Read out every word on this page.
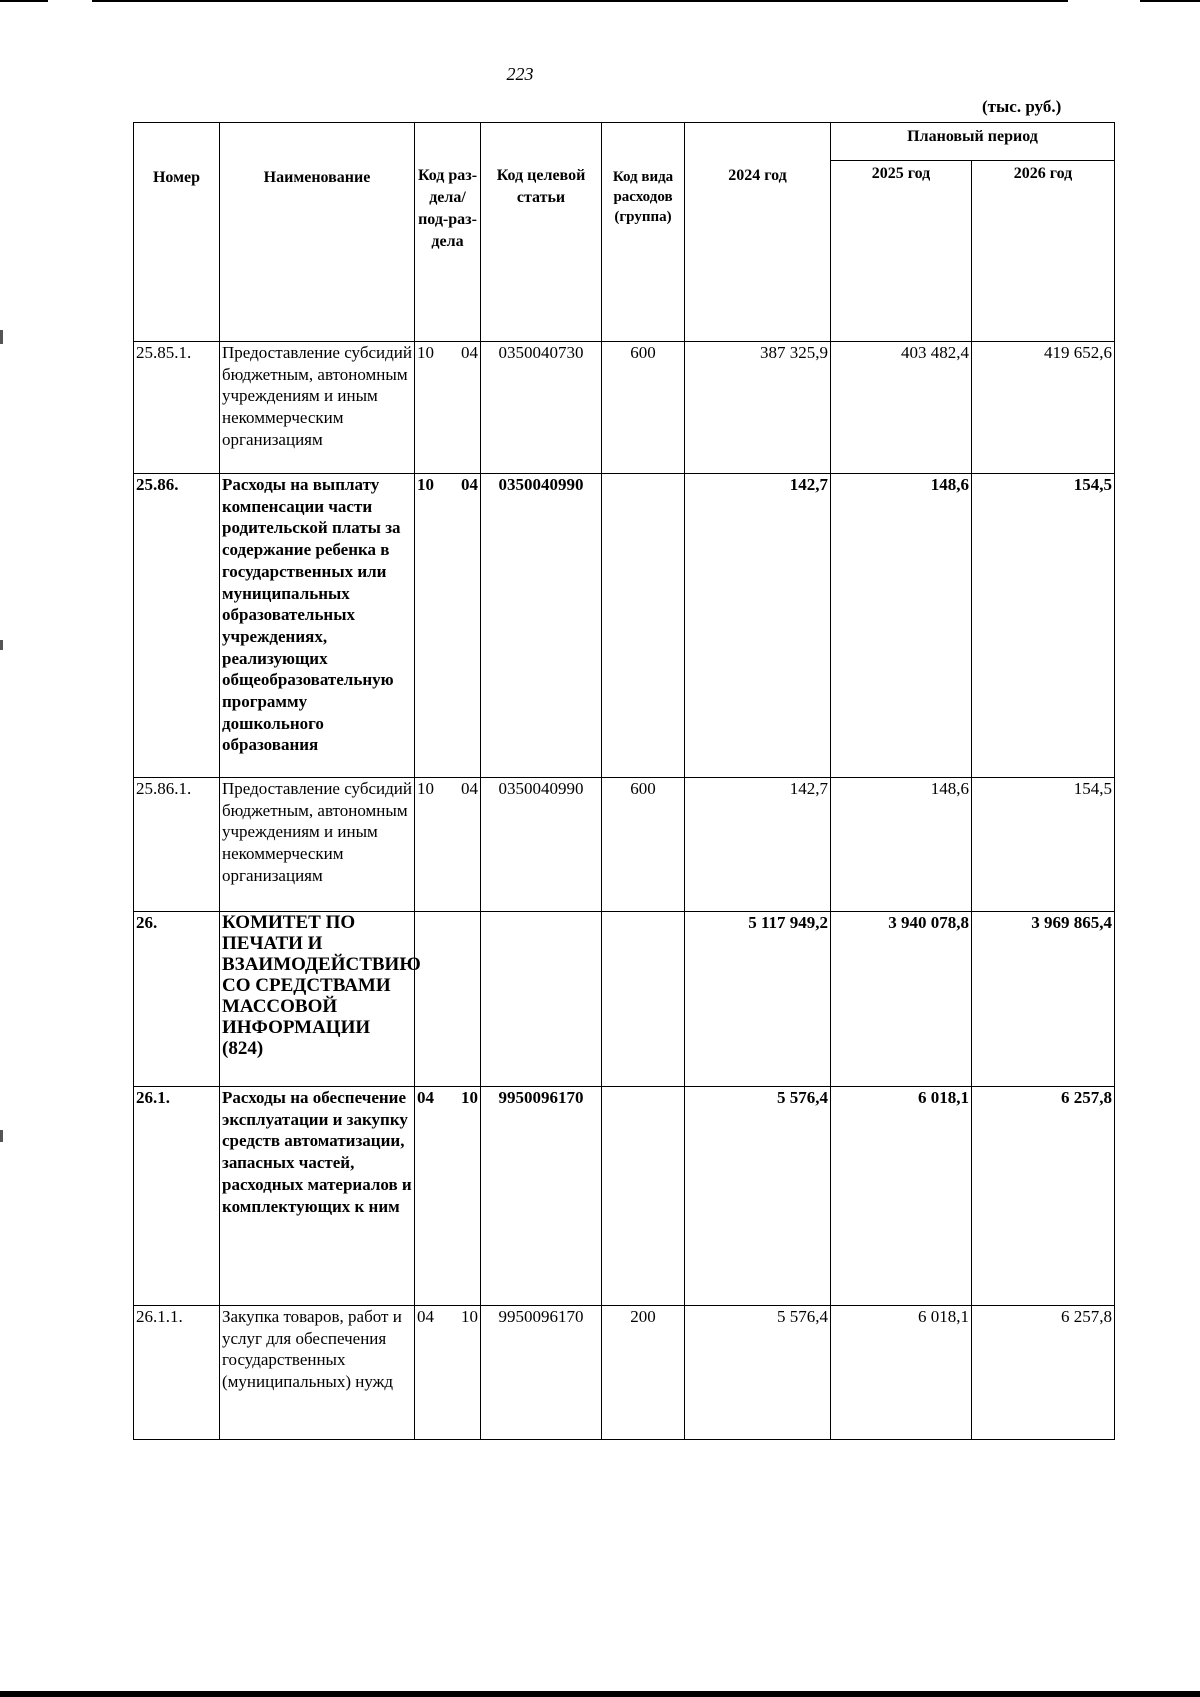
223
(тыс. руб.)
Номер	Наименование	Код раз-дела/ под-раз-дела	Код целевой статьи	Код вида расходов (группа)	2024 год	Плановый период	
						2025 год	2026 год
25.85.1.	Предоставление субсидий бюджетным, автономным учреждениям и иным некоммерческим организациям	10 04	0350040730	600	387 325,9	403 482,4	419 652,6
25.86.	Расходы на выплату компенсации части родительской платы за содержание ребенка в государственных или муниципальных образовательных учреждениях, реализующих общеобразовательную программу дошкольного образования	10 04	0350040990		142,7	148,6	154,5
25.86.1.	Предоставление субсидий бюджетным, автономным учреждениям и иным некоммерческим организациям	10 04	0350040990	600	142,7	148,6	154,5
26.	КОМИТЕТ ПО ПЕЧАТИ И ВЗАИМОДЕЙСТВИЮ СО СРЕДСТВАМИ МАССОВОЙ ИНФОРМАЦИИ (824)				5 117 949,2	3 940 078,8	3 969 865,4
26.1.	Расходы на обеспечение эксплуатации и закупку средств автоматизации, запасных частей, расходных материалов и комплектующих к ним	04 10	9950096170		5 576,4	6 018,1	6 257,8
26.1.1.	Закупка товаров, работ и услуг для обеспечения государственных (муниципальных) нужд	04 10	9950096170	200	5 576,4	6 018,1	6 257,8
